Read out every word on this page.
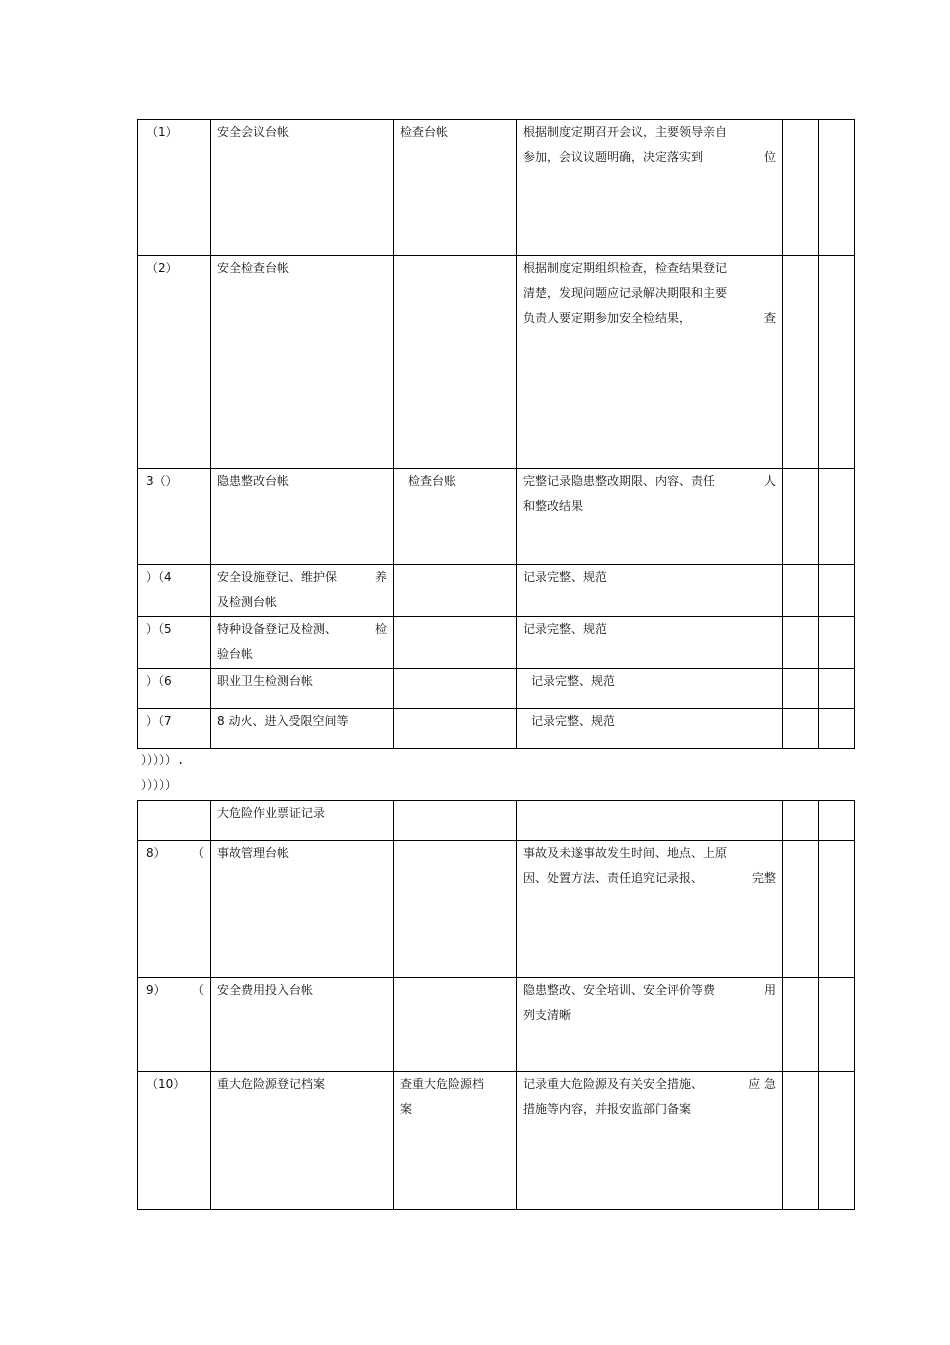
（1）	安全会议台帐	检查台帐	根据制度定期召开会议，主要领导亲自
参加，会议议题明确，决定落实到 位		

（2）	安全检查台帐		根据制度定期组织检查，检查结果登记
清楚，发现问题应记录解决期限和主要
负责人要定期参加安全检结果， 查		

3（）	隐患整改台帐	检查台账	完整记录隐患整改期限、内容、责任 人
和整改结果		

）（4	安全设施登记、维护保 养
及检测台帐		记录完整、规范		

）（5	特种设备登记及检测、 检
验台帐		记录完整、规范		

）（6	职业卫生检测台帐		记录完整、规范		

）（7	8 动火、进入受限空间等		记录完整、规范		

）））））.
）））））

	大危险作业票证记录				

8） （	事故管理台帐		事故及未遂事故发生时间、地点、上原
因、处置方法、责任追究记录报、 完整		

9） （	安全费用投入台帐		隐患整改、安全培训、安全评价等费 用
列支清晰		

（10）	重大危险源登记档案	查重大危险源档
案	记录重大危险源及有关安全措施、 应 急
措施等内容，并报安监部门备案		
